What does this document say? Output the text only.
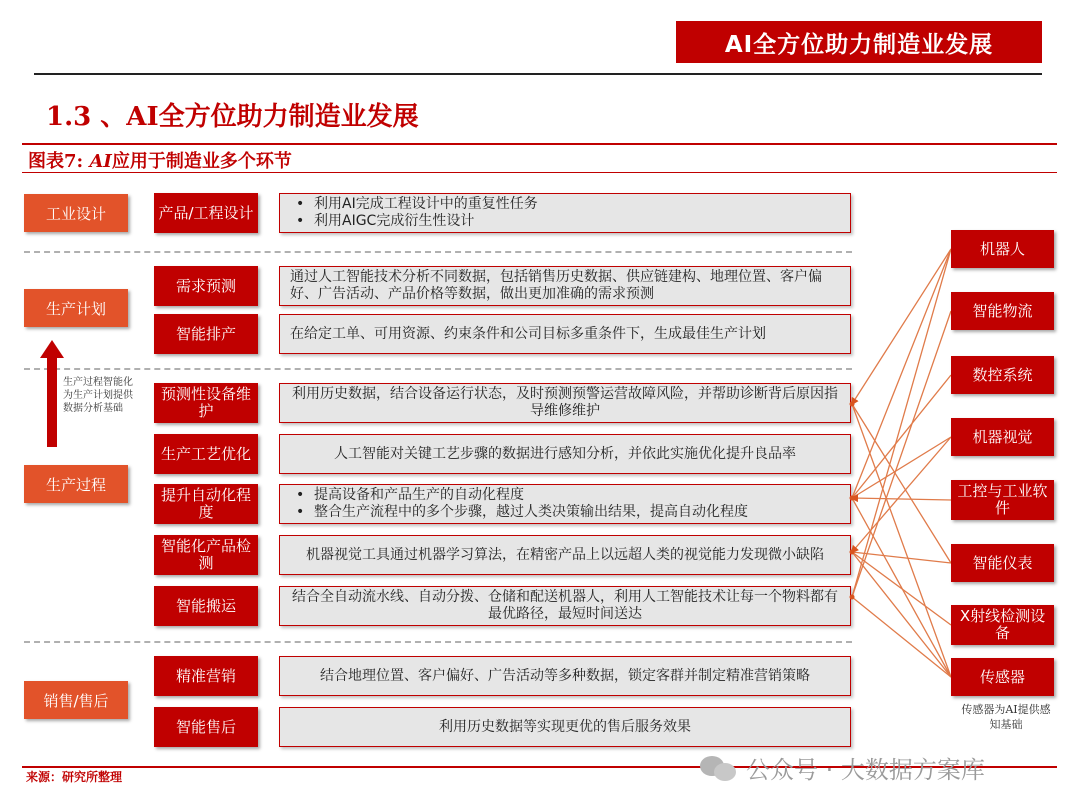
AI全方位助力制造业发展
1.3 、AI全方位助力制造业发展
图表7: AI应用于制造业多个环节
工业设计
生产计划
生产过程
销售/售后
生产过程智能化为生产计划提供数据分析基础
产品/工程设计
•	利用AI完成工程设计中的重复性任务
• 利用AIGC完成衍生性设计
需求预测	通过人工智能技术分析不同数据，包括销售历史数据、供应链建构、地理位置、客户偏好、广告活动、产品价格等数据，做出更加准确的需求预测
智能排产	在给定工单、可用资源、约束条件和公司目标多重条件下，生成最佳生产计划
预测性设备维护
利用历史数据，结合设备运行状态，及时预测预警运营故障风险，并帮助诊断背后原因指导维修维护
生产工艺优化	人工智能对关键工艺步骤的数据进行感知分析，并依此实施优化提升良品率
提升自动化程度
• 提高设备和产品生产的自动化程度
• 整合生产流程中的多个步骤，越过人类决策输出结果，提高自动化程度
智能化产品检测	机器视觉工具通过机器学习算法，在精密产品上以远超人类的视觉能力发现微小缺陷
智能搬运	结合全自动流水线、自动分拨、仓储和配送机器人，利用人工智能技术让每一个物料都有最优路径，最短时间送达
精准营销	结合地理位置、客户偏好、广告活动等多种数据，锁定客群并制定精准营销策略
智能售后	利用历史数据等实现更优的售后服务效果
机器人
智能物流
数控系统
机器视觉
工控与工业软件
智能仪表
X射线检测设备
传感器
传感器为AI提供感知基础
来源：研究所整理	公众号 · 大数据方案库
